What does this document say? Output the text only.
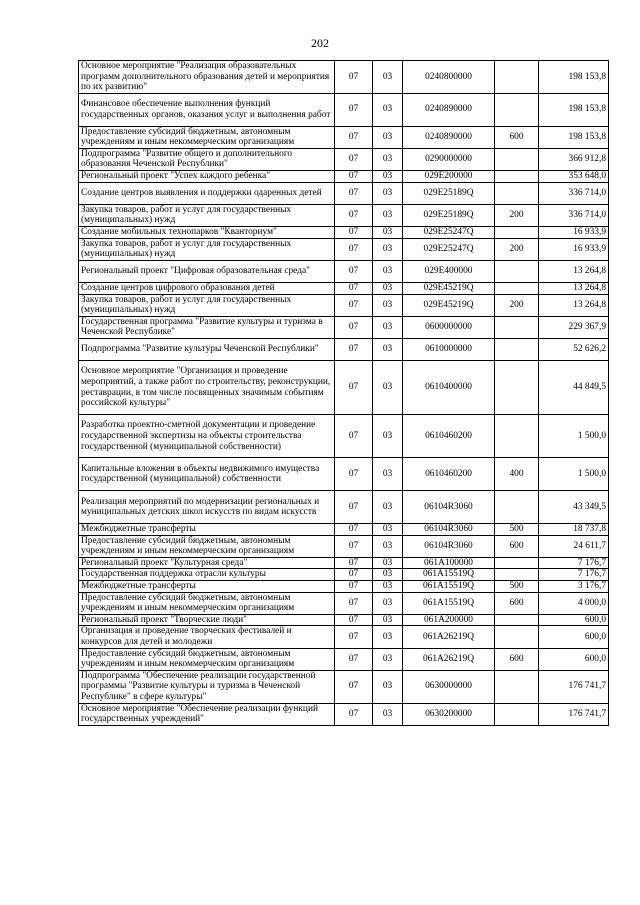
202
Основное мероприятие "Реализация образовательных программ дополнительного образования детей и мероприятия по их развитию"	07	03	0240800000		198 153,8
Финансовое обеспечение выполнения функций государственных органов, оказания услуг и выполнения работ	07	03	0240890000		198 153,8
Предоставление субсидий бюджетным, автономным учреждениям и иным некоммерческим организациям	07	03	0240890000	600	198 153,8
Подпрограмма "Развитие общего и дополнительного образования Чеченской Республики"	07	03	0290000000		366 912,8
Региональный проект "Успех каждого ребенка"	07	03	029E200000		353 648,0
Создание центров выявления и поддержки одаренных детей	07	03	029E25189Q		336 714,0
Закупка товаров, работ и услуг для государственных (муниципальных) нужд	07	03	029E25189Q	200	336 714,0
Создание мобильных технопарков "Кванториум"	07	03	029E25247Q		16 933,9
Закупка товаров, работ и услуг для государственных (муниципальных) нужд	07	03	029E25247Q	200	16 933,9
Региональный проект "Цифровая образовательная среда"	07	03	029E400000		13 264,8
Создание центров цифрового образования детей	07	03	029E45219Q		13 264,8
Закупка товаров, работ и услуг для государственных (муниципальных) нужд	07	03	029E45219Q	200	13 264,8
Государственная программа "Развитие культуры и туризма в Чеченской Республике"	07	03	0600000000		229 367,9
Подпрограмма "Развитие культуры Чеченской Республики"	07	03	0610000000		52 626,2
Основное мероприятие "Организация и проведение мероприятий, а также работ по строительству, реконструкции, реставрации, в том числе посвященных значимым событиям российской культуры"	07	03	0610400000		44 849,5
Разработка проектно-сметной документации и проведение государственной экспертизы на объекты строительства государственной (муниципальной собственности)	07	03	0610460200		1 500,0
Капитальные вложения в объекты недвижимого имущества государственной (муниципальной) собственности	07	03	0610460200	400	1 500,0
Реализация мероприятий по модернизации региональных и муниципальных детских школ искусств по видам искусств	07	03	06104R3060		43 349,5
Межбюджетные трансферты	07	03	06104R3060	500	18 737,8
Предоставление субсидий бюджетным, автономным учреждениям и иным некоммерческим организациям	07	03	06104R3060	600	24 611,7
Региональный проект "Культурная среда"	07	03	061A100000		7 176,7
Государственная поддержка отрасли культуры	07	03	061A15519Q		7 176,7
Межбюджетные трансферты	07	03	061A15519Q	500	3 176,7
Предоставление субсидий бюджетным, автономным учреждениям и иным некоммерческим организациям	07	03	061A15519Q	600	4 000,0
Региональный проект "Творческие люди"	07	03	061A200000		600,0
Организация и проведение творческих фестивалей и конкурсов для детей и молодежи	07	03	061A26219Q		600,0
Предоставление субсидий бюджетным, автономным учреждениям и иным некоммерческим организациям	07	03	061A26219Q	600	600,0
Подпрограмма "Обеспечение реализации государственной программы "Развитие культуры и туризма в Чеченской Республике" в сфере культуры"	07	03	0630000000		176 741,7
Основное мероприятие "Обеспечение реализации функций государственных учреждений"	07	03	0630200000		176 741,7
